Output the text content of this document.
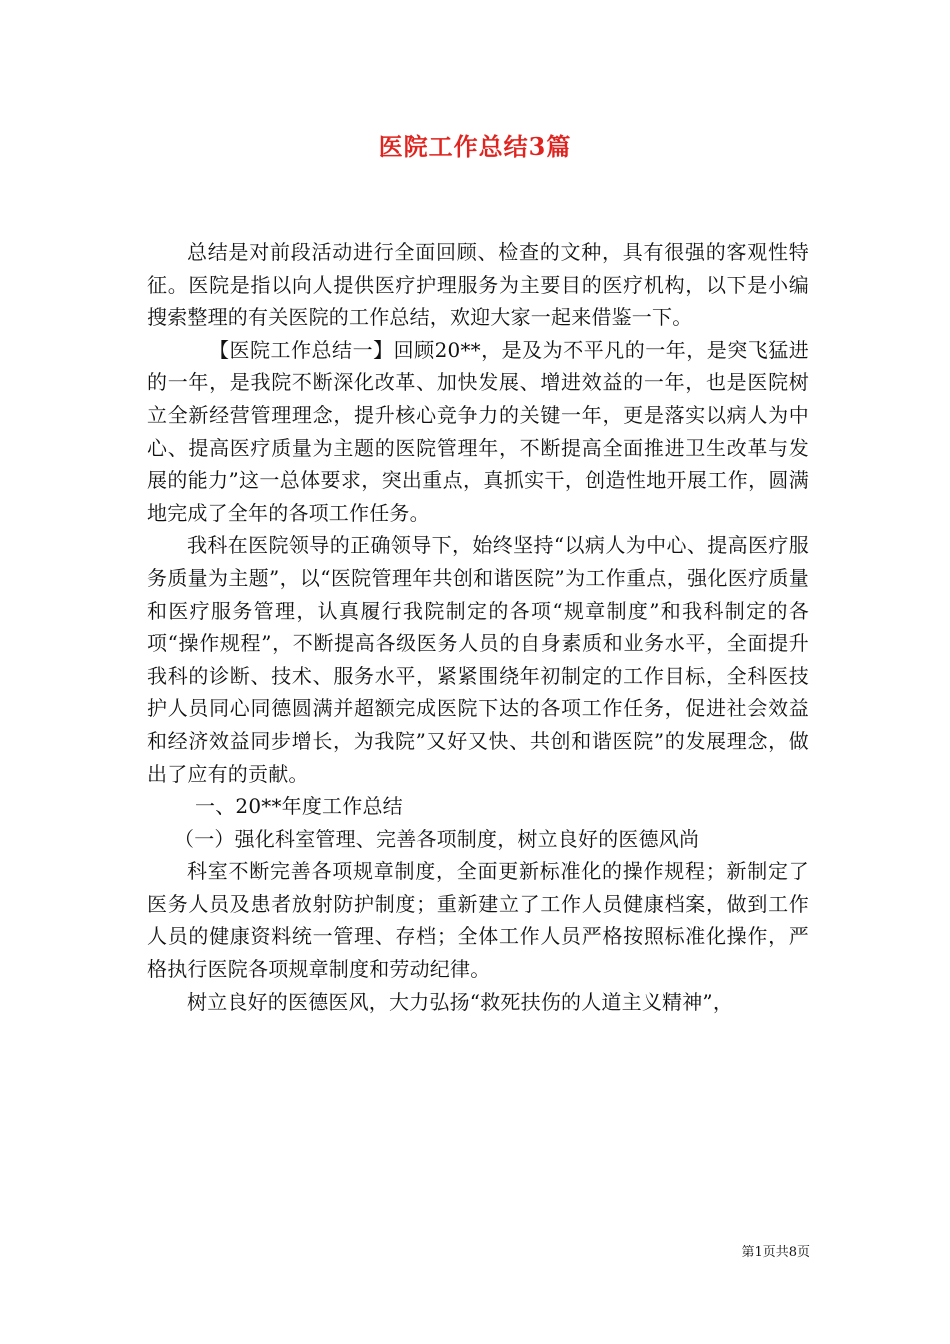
医院工作总结3篇

总结是对前段活动进行全面回顾、检查的文种，具有很强的客观性特征。医院是指以向人提供医疗护理服务为主要目的医疗机构，以下是小编搜索整理的有关医院的工作总结，欢迎大家一起来借鉴一下。

【医院工作总结一】回顾20**，是及为不平凡的一年，是突飞猛进的一年，是我院不断深化改革、加快发展、增进效益的一年，也是医院树立全新经营管理理念，提升核心竞争力的关键一年，更是落实以病人为中心、提高医疗质量为主题的医院管理年，不断提高全面推进卫生改革与发展的能力”这一总体要求，突出重点，真抓实干，创造性地开展工作，圆满地完成了全年的各项工作任务。

我科在医院领导的正确领导下，始终坚持“以病人为中心、提高医疗服务质量为主题”，以“医院管理年共创和谐医院”为工作重点，强化医疗质量和医疗服务管理，认真履行我院制定的各项“规章制度”和我科制定的各项“操作规程”，不断提高各级医务人员的自身素质和业务水平，全面提升我科的诊断、技术、服务水平，紧紧围绕年初制定的工作目标，全科医技护人员同心同德圆满并超额完成医院下达的各项工作任务，促进社会效益和经济效益同步增长，为我院”又好又快、共创和谐医院”的发展理念，做出了应有的贡献。

一、20**年度工作总结

（一）强化科室管理、完善各项制度，树立良好的医德风尚

科室不断完善各项规章制度，全面更新标准化的操作规程；新制定了医务人员及患者放射防护制度；重新建立了工作人员健康档案，做到工作人员的健康资料统一管理、存档；全体工作人员严格按照标准化操作，严格执行医院各项规章制度和劳动纪律。

树立良好的医德医风，大力弘扬“救死扶伤的人道主义精神”，

第1页共8页
